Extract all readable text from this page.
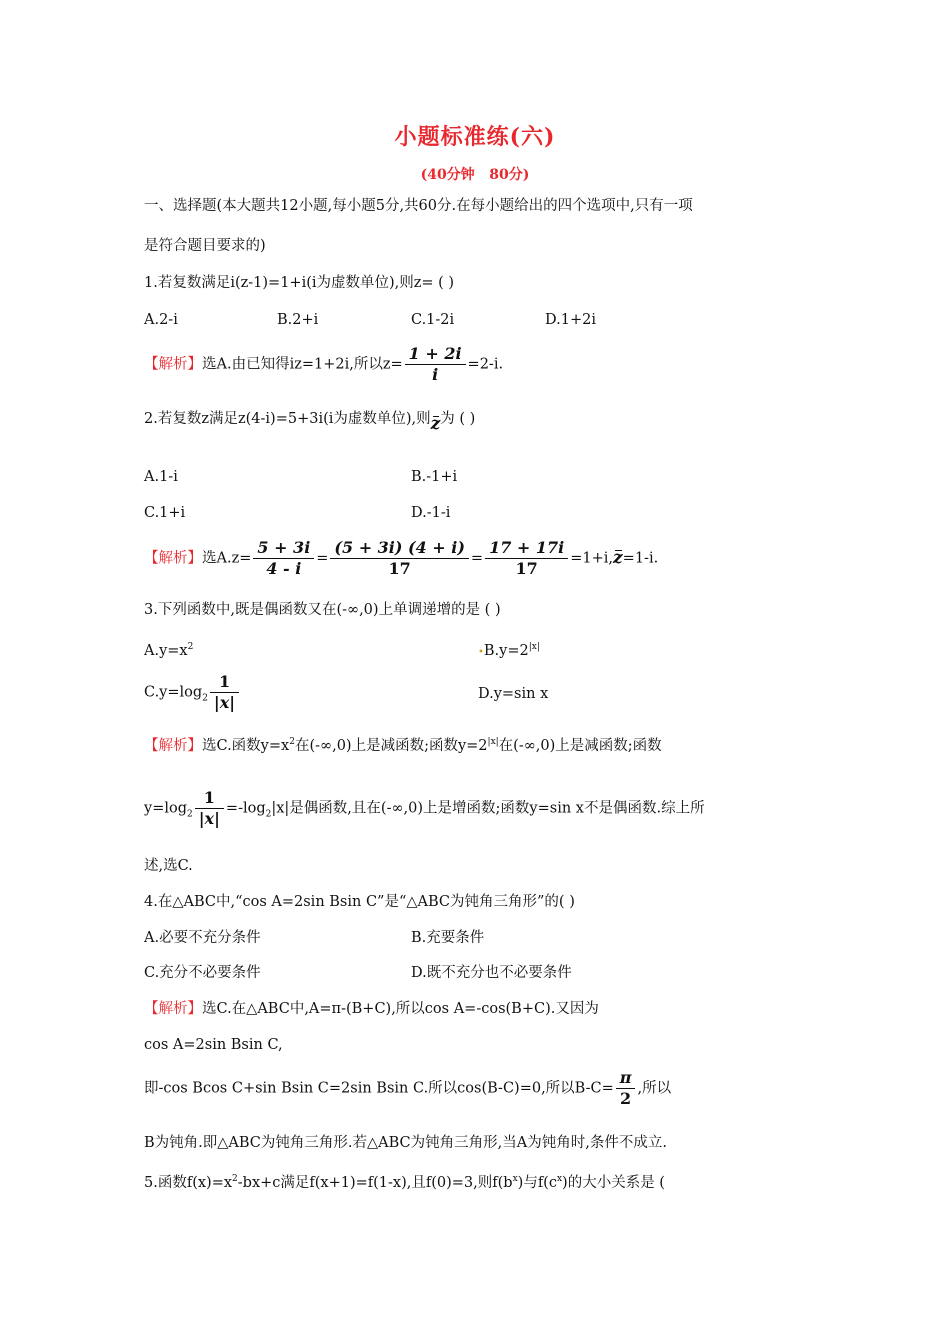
小题标准练(六)
(40分钟   80分)
一、选择题(本大题共12小题,每小题5分,共60分.在每小题给出的四个选项中,只有一项
是符合题目要求的)
1.若复数满足i(z-1)=1+i(i为虚数单位),则z= ( )
A.2-i	B.2+i	C.1-2i	D.1+2i
【解析】选A.由已知得iz=1+2i,所以$z= \frac{1 + 2i}{i} =2-i$.
2.若复数z满足z(4-i)=5+3i(i为虚数单位),则z为 ( )
A.1-i	B.-1+i
C.1+i	D.-1-i
【解析】选$A.z= \frac{5 + 3i}{4 - i} = \frac{(5 + 3i) (4 + i)}{17} = \frac{17 + 17i}{17} =1+i,z=1-i$.
3.下列函数中,既是偶函数又在(-∞,0)上单调递增的是 ( )
$A.y=x^2$	$•B.y=2^{|x|}$
$C.y=\log_2 \frac{1}{|x|}$	D.y=sin x
【解析】选C.函数$y=x^2$在(-∞,0)上是减函数;函数$y=2^{|x|}$在(-∞,0)上是减函数;函数
$y=\log_2 \frac{1}{|x|} =-\log_2|x|$是偶函数,且在(-∞,0)上是增函数;函数y=sin x不是偶函数.综上所
述,选C.
4.在△ABC中,“cos A=2sin Bsin C”是“△ABC为钝角三角形”的( )
A.必要不充分条件	B.充要条件
C.充分不必要条件	D.既不充分也不必要条件
【解析】选C.在△ABC中,A=π-(B+C),所以cos A=-cos(B+C).又因为
cos A=2sin Bsin C,
即-cos Bcos C+sin Bsin C=2sin Bsin C.所以cos(B-C)=0,所以$B-C= \frac{\pi}{2}$ ,所以
B为钝角.即△ABC为钝角三角形.若△ABC为钝角三角形,当A为钝角时,条件不成立.
5.函数$f(x)=x^2-bx+c$满足f(x+1)=f(1-x),且f(0)=3,则$f(b^x)$与$f(c^x)$的大小关系是 (
